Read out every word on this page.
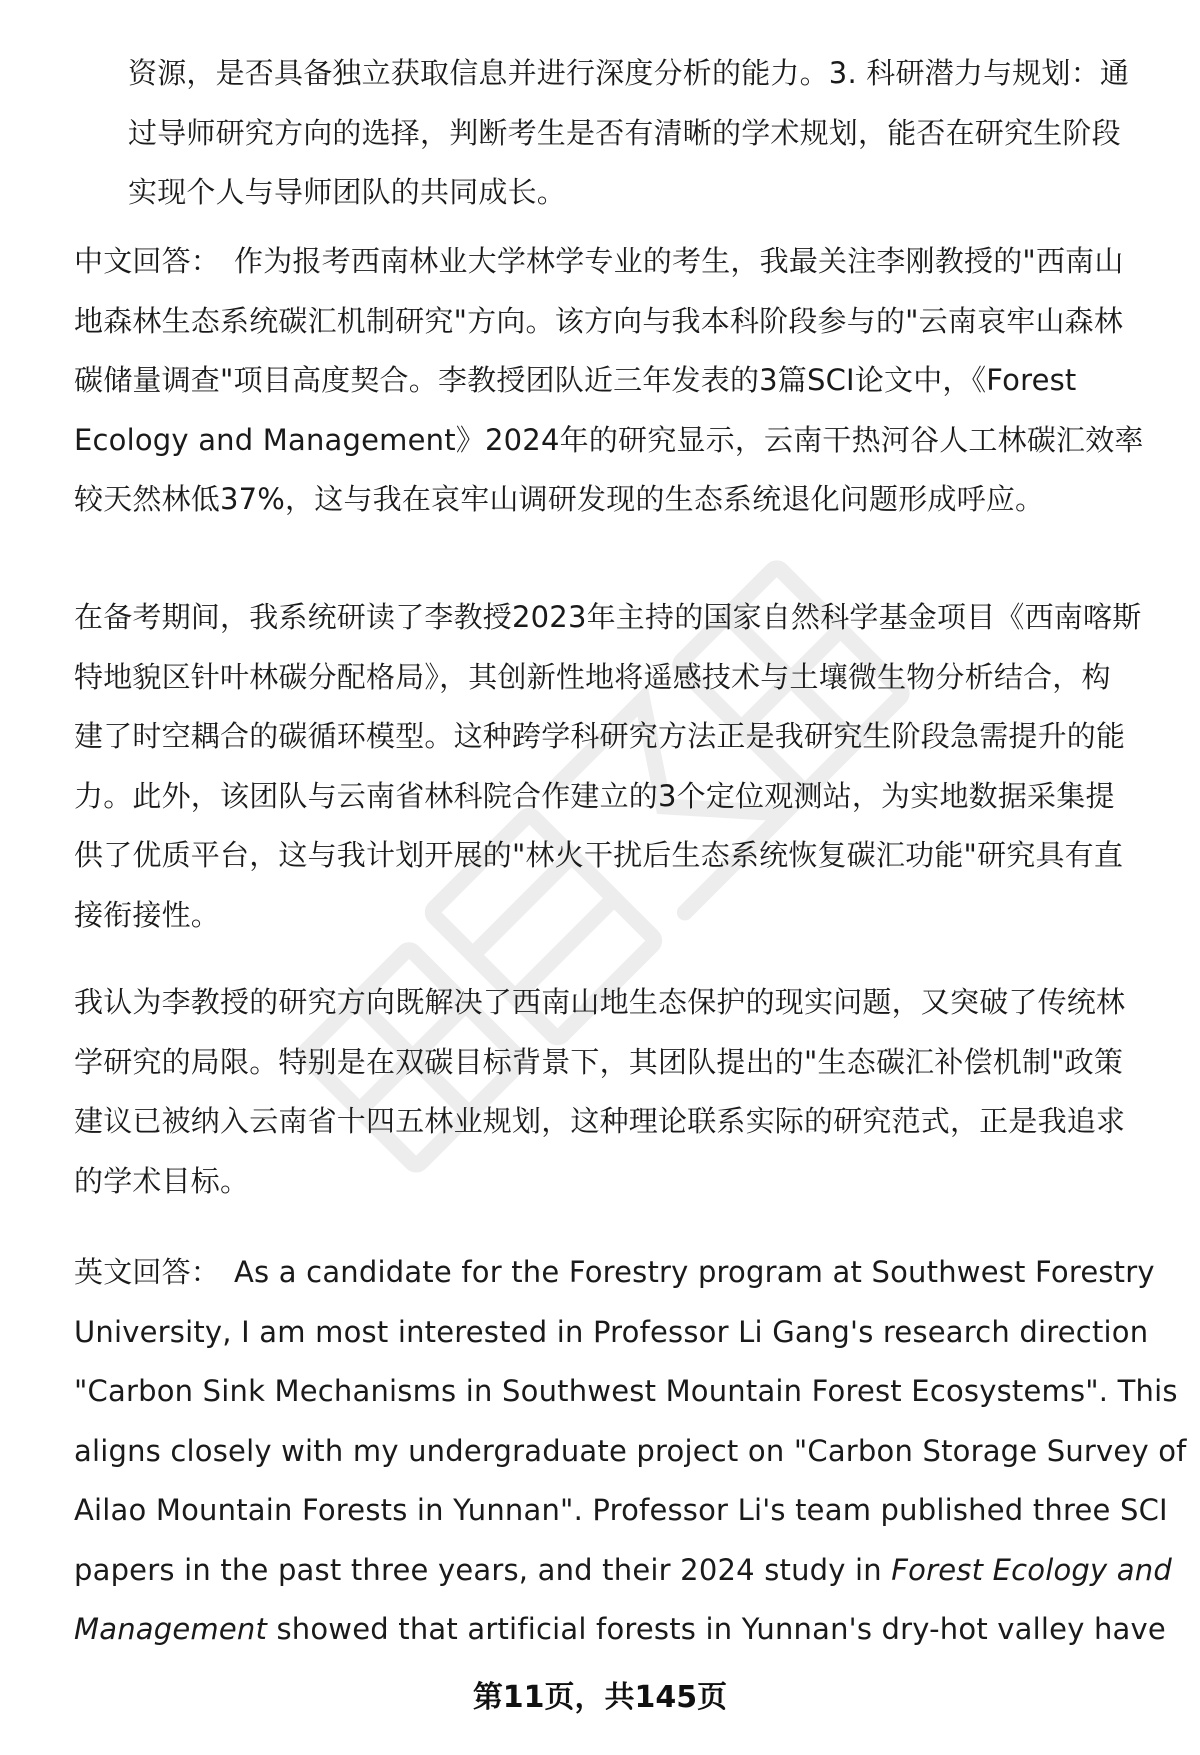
资源，是否具备独立获取信息并进行深度分析的能力。3. 科研潜力与规划：通
过导师研究方向的选择，判断考生是否有清晰的学术规划，能否在研究生阶段
实现个人与导师团队的共同成长。

中文回答： 作为报考西南林业大学林学专业的考生，我最关注李刚教授的"西南山
地森林生态系统碳汇机制研究"方向。该方向与我本科阶段参与的"云南哀牢山森林
碳储量调查"项目高度契合。李教授团队近三年发表的3篇SCI论文中，《Forest
Ecology and Management》2024年的研究显示，云南干热河谷人工林碳汇效率
较天然林低37%，这与我在哀牢山调研发现的生态系统退化问题形成呼应。

在备考期间，我系统研读了李教授2023年主持的国家自然科学基金项目《西南喀斯
特地貌区针叶林碳分配格局》，其创新性地将遥感技术与土壤微生物分析结合，构
建了时空耦合的碳循环模型。这种跨学科研究方法正是我研究生阶段急需提升的能
力。此外，该团队与云南省林科院合作建立的3个定位观测站，为实地数据采集提
供了优质平台，这与我计划开展的"林火干扰后生态系统恢复碳汇功能"研究具有直
接衔接性。

我认为李教授的研究方向既解决了西南山地生态保护的现实问题，又突破了传统林
学研究的局限。特别是在双碳目标背景下，其团队提出的"生态碳汇补偿机制"政策
建议已被纳入云南省十四五林业规划，这种理论联系实际的研究范式，正是我追求
的学术目标。

英文回答： As a candidate for the Forestry program at Southwest Forestry
University, I am most interested in Professor Li Gang's research direction
"Carbon Sink Mechanisms in Southwest Mountain Forest Ecosystems". This
aligns closely with my undergraduate project on "Carbon Storage Survey of
Ailao Mountain Forests in Yunnan". Professor Li's team published three SCI
papers in the past three years, and their 2024 study in Forest Ecology and
Management showed that artificial forests in Yunnan's dry-hot valley have

第11页，共145页
